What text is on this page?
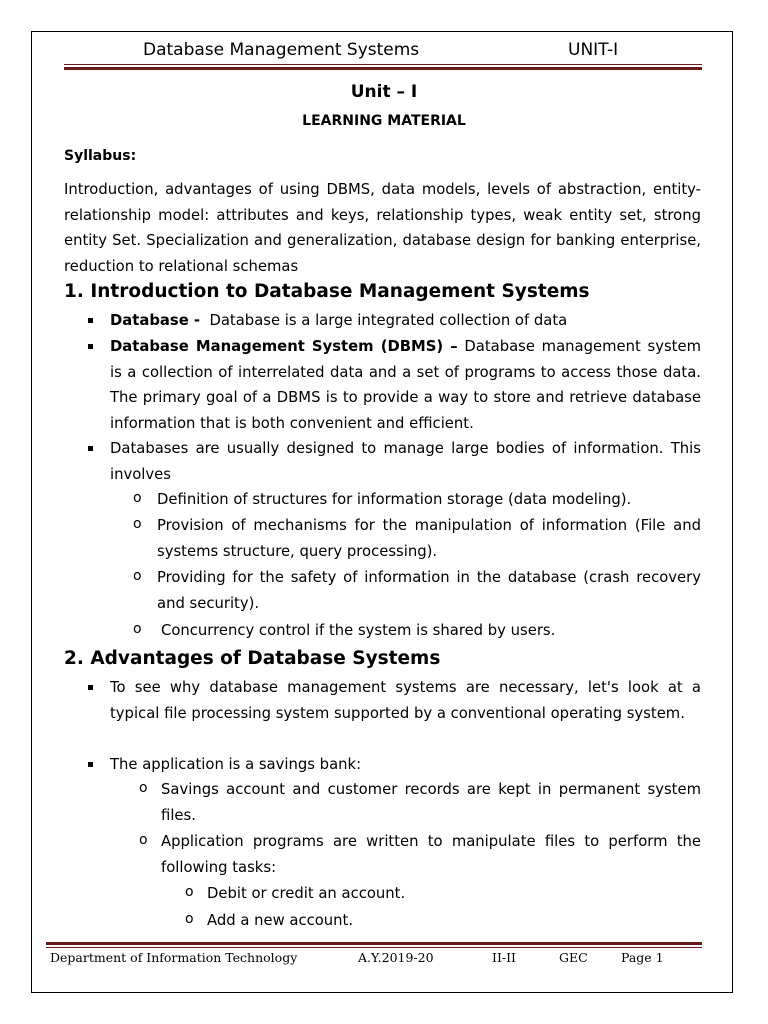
Database Management Systems	UNIT-I
Unit – I
LEARNING MATERIAL
Syllabus:
Introduction, advantages of using DBMS, data models, levels of abstraction, entity-relationship model: attributes and keys, relationship types, weak entity set, strong entity Set. Specialization and generalization, database design for banking enterprise, reduction to relational schemas
1. Introduction to Database Management Systems
Database - Database is a large integrated collection of data
Database Management System (DBMS) – Database management system is a collection of interrelated data and a set of programs to access those data. The primary goal of a DBMS is to provide a way to store and retrieve database information that is both convenient and efficient.
Databases are usually designed to manage large bodies of information. This involves
o Definition of structures for information storage (data modeling).
o Provision of mechanisms for the manipulation of information (File and systems structure, query processing).
o Providing for the safety of information in the database (crash recovery and security).
o Concurrency control if the system is shared by users.
2. Advantages of Database Systems
To see why database management systems are necessary, let's look at a typical file processing system supported by a conventional operating system.
The application is a savings bank:
o Savings account and customer records are kept in permanent system files.
o Application programs are written to manipulate files to perform the following tasks:
o Debit or credit an account.
o Add a new account.
Department of Information Technology	A.Y.2019-20	II-II	GEC	Page 1
